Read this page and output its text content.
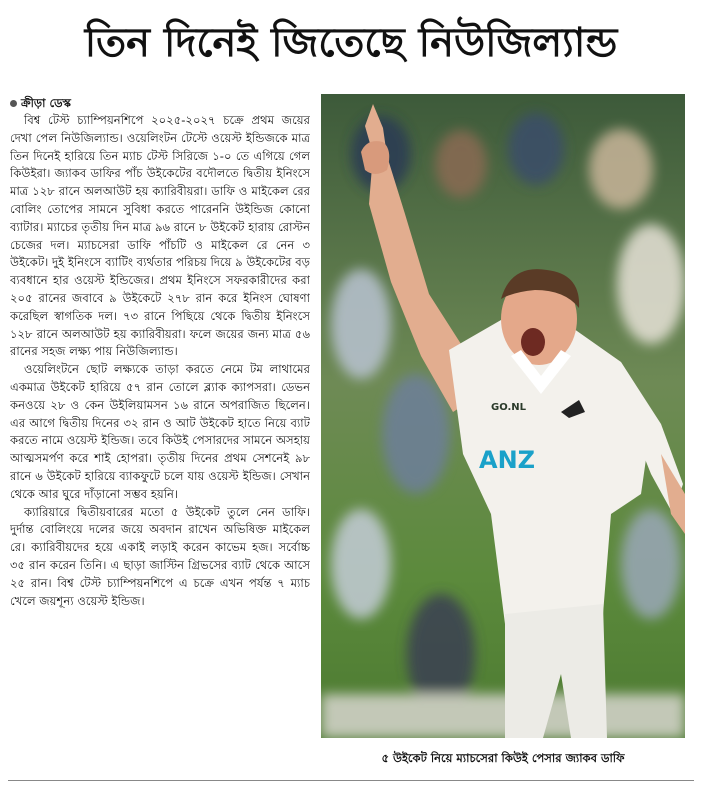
তিন দিনেই জিতেছে নিউজিল্যান্ড
ক্রীড়া ডেস্ক

বিশ্ব টেস্ট চ্যাম্পিয়নশিপে ২০২৫-২০২৭ চক্রে প্রথম জয়ের দেখা পেল নিউজিল্যান্ড। ওয়েলিংটন টেস্টে ওয়েস্ট ইন্ডিজকে মাত্র তিন দিনেই হারিয়ে তিন ম্যাচ টেস্ট সিরিজে ১-০ তে এগিয়ে গেল কিউইরা। জ্যাকব ডাফির পাঁচ উইকেটের বদৌলতে দ্বিতীয় ইনিংসে মাত্র ১২৮ রানে অলআউট হয় ক্যারিবীয়রা। ডাফি ও মাইকেল রের বোলিং তোপের সামনে সুবিধা করতে পারেননি উইন্ডিজ কোনো ব্যাটার। ম্যাচের তৃতীয় দিন মাত্র ৯৬ রানে ৮ উইকেট হারায় রোস্টন চেজের দল। ম্যাচসেরা ডাফি পাঁচটি ও মাইকেল রে নেন ৩ উইকেট। দুই ইনিংসে ব্যাটিং ব্যর্থতার পরিচয় দিয়ে ৯ উইকেটের বড় ব্যবধানে হার ওয়েস্ট ইন্ডিজের। প্রথম ইনিংসে সফরকারীদের করা ২০৫ রানের জবাবে ৯ উইকেটে ২৭৮ রান করে ইনিংস ঘোষণা করেছিল স্বাগতিক দল। ৭৩ রানে পিছিয়ে থেকে দ্বিতীয় ইনিংসে ১২৮ রানে অলআউট হয় ক্যারিবীয়রা। ফলে জয়ের জন্য মাত্র ৫৬ রানের সহজ লক্ষ্য পায় নিউজিল্যান্ড।

ওয়েলিংটনে ছোট লক্ষ্যকে তাড়া করতে নেমে টম লাথামের একমাত্র উইকেট হারিয়ে ৫৭ রান তোলে ব্ল্যাক ক্যাপসরা। ডেভন কনওয়ে ২৮ ও কেন উইলিয়ামসন ১৬ রানে অপরাজিত ছিলেন। এর আগে দ্বিতীয় দিনের ৩২ রান ও আট উইকেট হাতে নিয়ে ব্যাট করতে নামে ওয়েস্ট ইন্ডিজ। তবে কিউই পেসারদের সামনে অসহায় আত্মসমর্পণ করে শাই হোপরা। তৃতীয় দিনের প্রথম সেশনেই ৯৮ রানে ৬ উইকেট হারিয়ে ব্যাকফুটে চলে যায় ওয়েস্ট ইন্ডিজ। সেখান থেকে আর ঘুরে দাঁড়ানো সম্ভব হয়নি।

ক্যারিয়ারে দ্বিতীয়বারের মতো ৫ উইকেট তুলে নেন ডাফি। দুর্দান্ত বোলিংয়ে দলের জয়ে অবদান রাখেন অভিষিক্ত মাইকেল রে। ক্যারিবীয়দের হয়ে একাই লড়াই করেন কাভেম হজ। সর্বোচ্চ ৩৫ রান করেন তিনি। এ ছাড়া জাস্টিন গ্রিভসের ব্যাট থেকে আসে ২৫ রান। বিশ্ব টেস্ট চ্যাম্পিয়নশিপে এ চক্রে এখন পর্যন্ত ৭ ম্যাচ খেলে জয়শূন্য ওয়েস্ট ইন্ডিজ।

ANZ
GO.NL
৫ উইকেট নিয়ে ম্যাচসেরা কিউই পেসার জ্যাকব ডাফি
